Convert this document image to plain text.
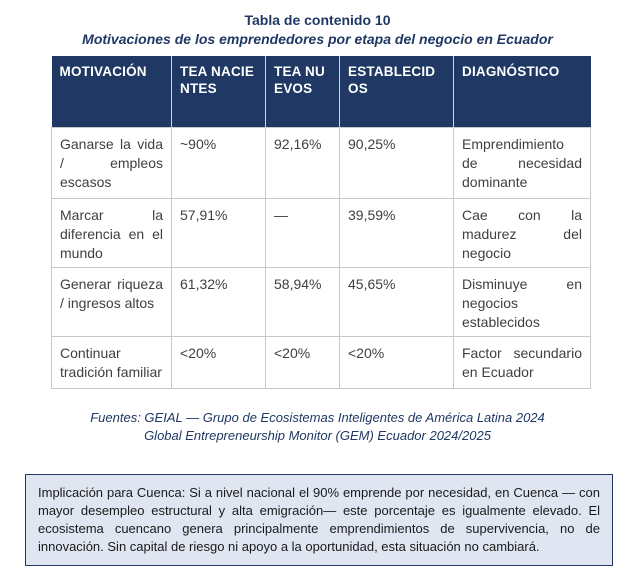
Tabla de contenido 10
Motivaciones de los emprendedores por etapa del negocio en Ecuador
MOTIVACIÓN	TEA NACIENTES	TEA NUEVOS	ESTABLECIDOS	DIAGNÓSTICO
Ganarse la vida / empleos escasos	~90%	92,16%	90,25%	Emprendimiento de necesidad dominante
Marcar la diferencia en el mundo	57,91%	—	39,59%	Cae con la madurez del negocio
Generar riqueza / ingresos altos	61,32%	58,94%	45,65%	Disminuye en negocios establecidos
Continuar tradición familiar	<20%	<20%	<20%	Factor secundario en Ecuador
Fuentes: GEIAL — Grupo de Ecosistemas Inteligentes de América Latina 2024
Global Entrepreneurship Monitor (GEM) Ecuador 2024/2025
Implicación para Cuenca: Si a nivel nacional el 90% emprende por necesidad, en Cuenca — con mayor desempleo estructural y alta emigración— este porcentaje es igualmente elevado. El ecosistema cuencano genera principalmente emprendimientos de supervivencia, no de innovación. Sin capital de riesgo ni apoyo a la oportunidad, esta situación no cambiará.
